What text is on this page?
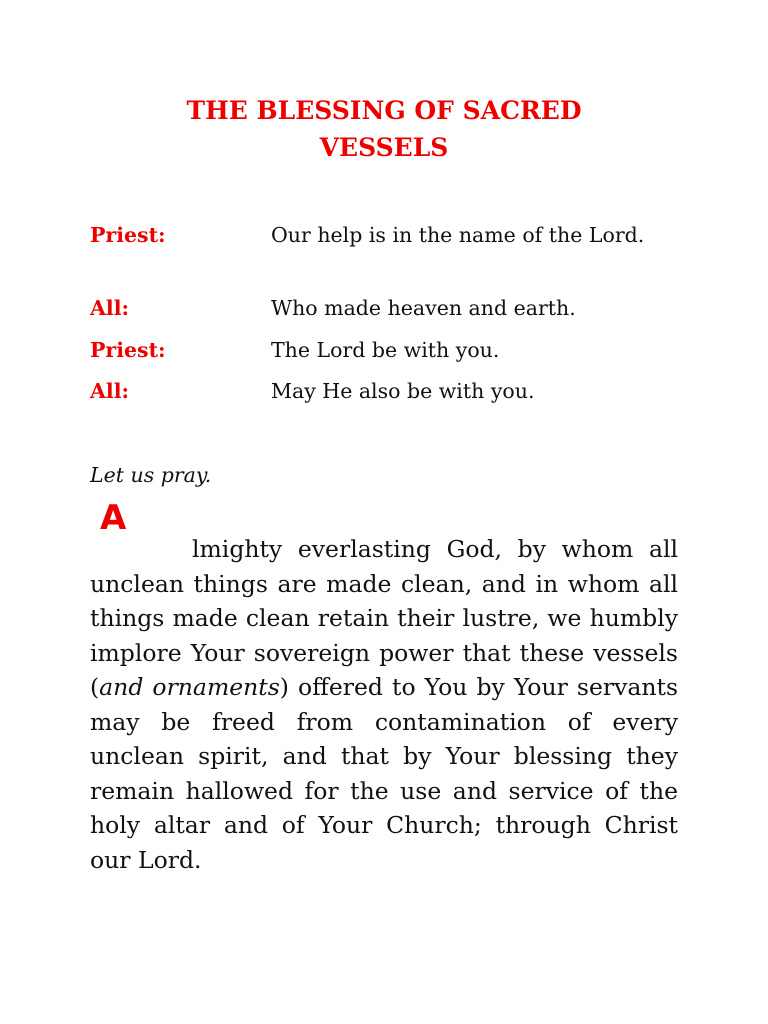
THE BLESSING OF SACRED
VESSELS
Priest:	Our help is in the name of the Lord.
All:	Who made heaven and earth.
Priest:	The Lord be with you.
All:	May He also be with you.
Let us pray.
A

lmighty everlasting God, by whom all unclean things are made clean, and in whom all things made clean retain their lustre, we humbly implore Your sovereign power that these vessels (and ornaments) offered to You by Your servants may be freed from contamination of every unclean spirit, and that by Your blessing they remain hallowed for the use and service of the holy altar and of Your Church; through Christ our Lord.
